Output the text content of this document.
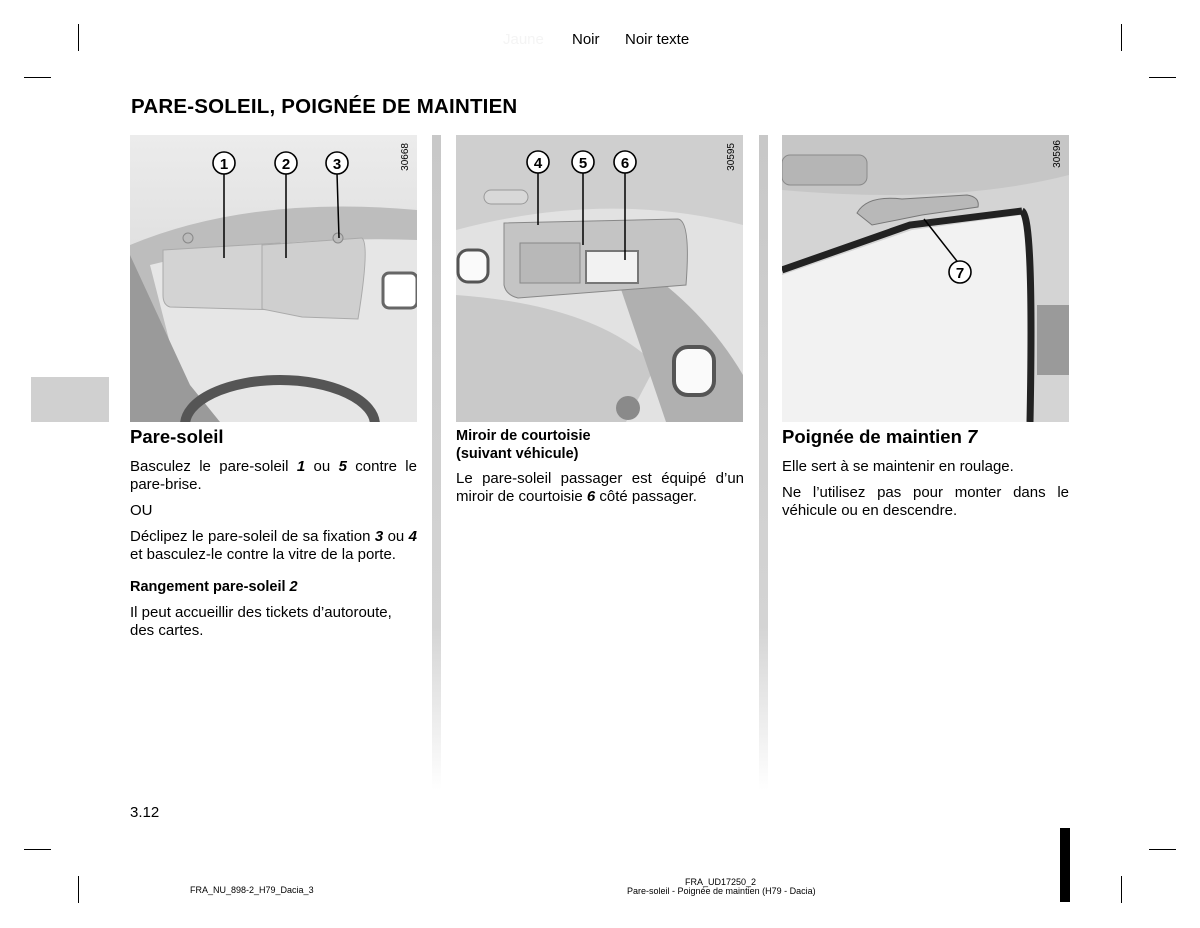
Jaune Noir Noir texte
PARE-SOLEIL, POIGNÉE DE MAINTIEN
1	2	3	30668	4 5 6	30595
7
30596
Pare-soleil
Basculez le pare-soleil 1 ou 5 contre le pare-brise.
OU
Déclipez le pare-soleil de sa fixation 3 ou 4 et basculez-le contre la vitre de la porte.
Rangement pare-soleil 2
Il peut accueillir des tickets d’autoroute, des cartes.
Miroir de courtoisie
(suivant véhicule)
Le pare-soleil passager est équipé d’un miroir de courtoisie 6 côté passager.
Poignée de maintien 7
Elle sert à se maintenir en roulage.
Ne l’utilisez pas pour monter dans le véhicule ou en descendre.
3.12
FRA_NU_898-2_H79_Dacia_3
FRA_UD17250_2
Pare-soleil - Poignée de maintien (H79 - Dacia)
